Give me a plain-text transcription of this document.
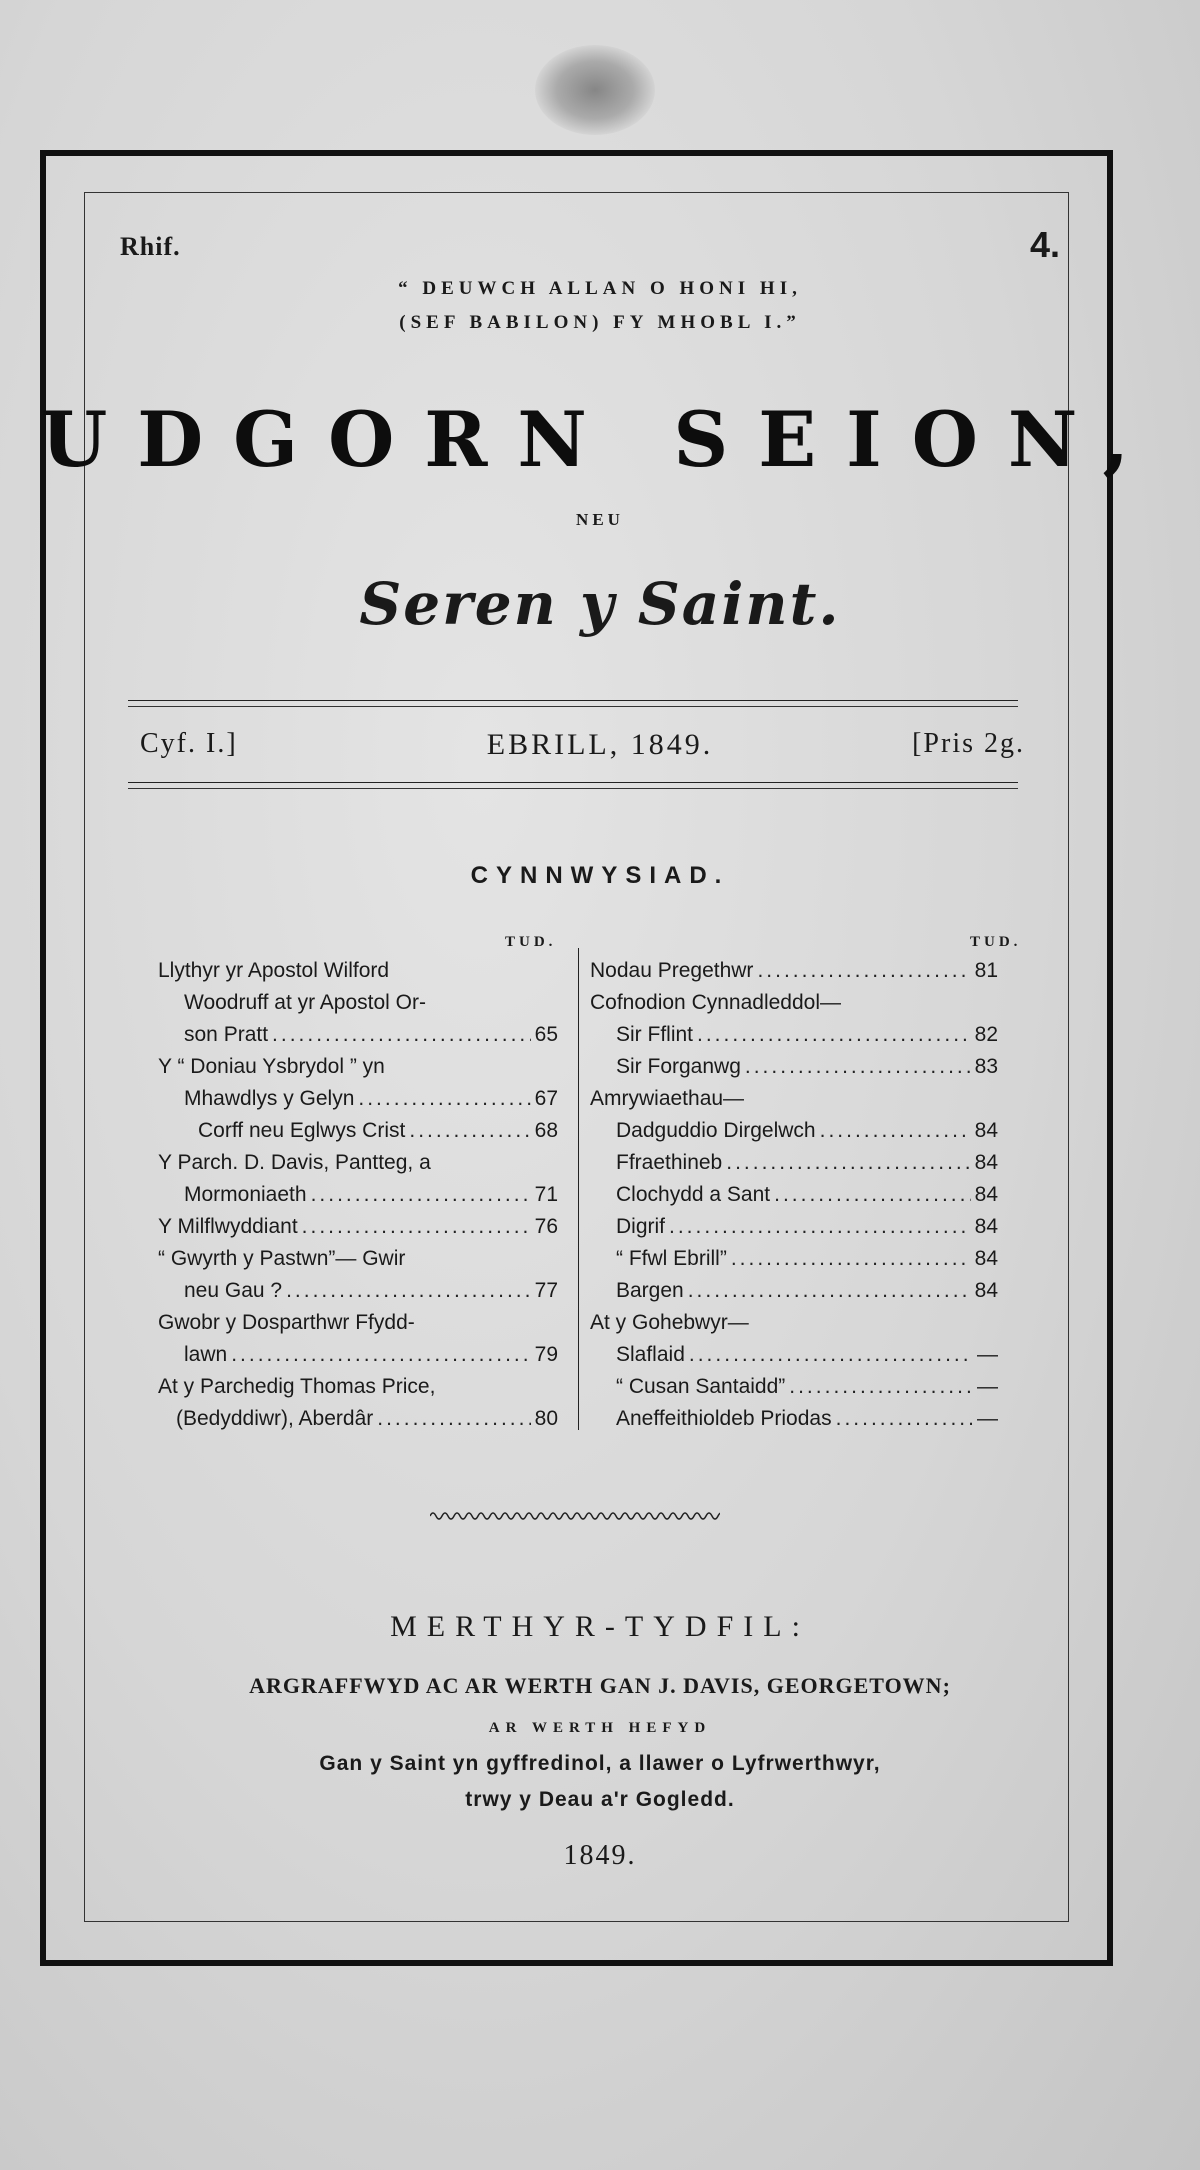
Rhif.	4.
“ DEUWCH ALLAN O HONI HI,
(SEF BABILON) FY MHOBL I.”
UDGORN SEION,
NEU
Seren y Saint.
Cyf. I.]	EBRILL, 1849.	[Pris 2g.
CYNNWYSIAD.
TUD.	TUD.
Llythyr yr Apostol Wilford
Woodruff at yr Apostol Or-
son Pratt .....	65
Y “ Doniau Ysbrydol ” yn
Mhawdlys y Gelyn .....	67
Corff neu Eglwys Crist .....	68
Y Parch. D. Davis, Pantteg, a
Mormoniaeth .....	71
Y Milflwyddiant .....	76
“ Gwyrth y Pastwn”— Gwir
neu Gau ? .....	77
Gwobr y Dosparthwr Ffydd-
lawn .....	79
At y Parchedig Thomas Price,
(Bedyddiwr), Aberdâr .....	80
Nodau Pregethwr .....	81
Cofnodion Cynnadleddol—
Sir Fflint .....	82
Sir Forganwg .....	83
Amrywiaethau—
Dadguddio Dirgelwch .....	84
Ffraethineb .....	84
Clochydd a Sant .....	84
Digrif .....	84
“ Ffwl Ebrill” .....	84
Bargen .....	84
At y Gohebwyr—
Slaflaid .....	—
“ Cusan Santaidd” .....	—
Aneffeithioldeb Priodas .....	—
MERTHYR-TYDFIL:
ARGRAFFWYD AC AR WERTH GAN J. DAVIS, GEORGETOWN;
AR WERTH HEFYD
Gan y Saint yn gyffredinol, a llawer o Lyfrwerthwyr,
trwy y Deau a'r Gogledd.
1849.
